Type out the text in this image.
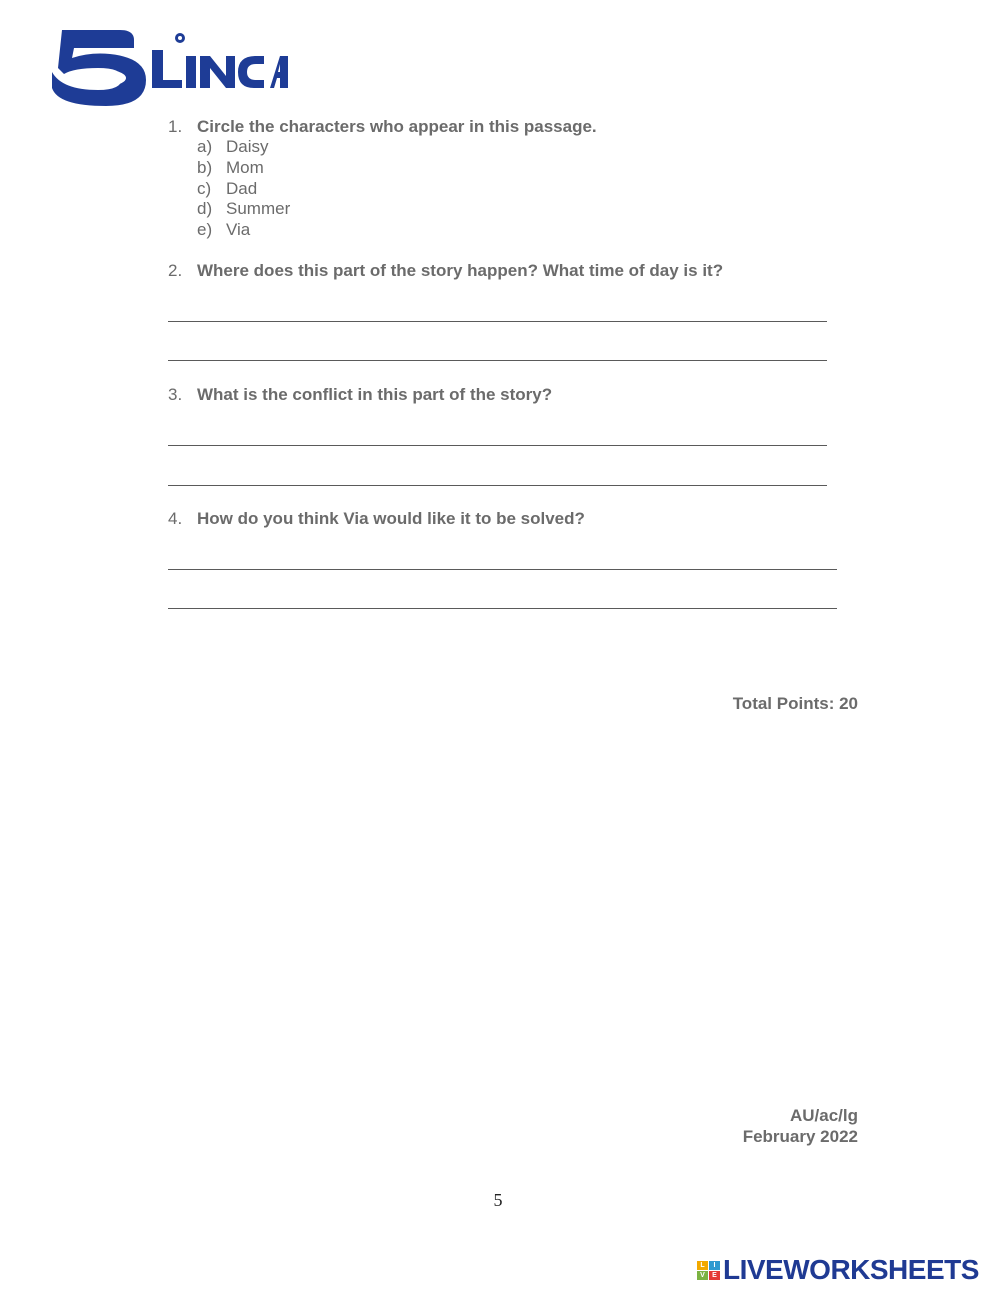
1. Circle the characters who appear in this passage.
a) Daisy
b) Mom
c) Dad
d) Summer
e) Via
2. Where does this part of the story happen? What time of day is it?
3. What is the conflict in this part of the story?
4. How do you think Via would like it to be solved?
Total Points: 20
AU/ac/lg
February 2022
5
L	I
V	E LIVEWORKSHEETS
